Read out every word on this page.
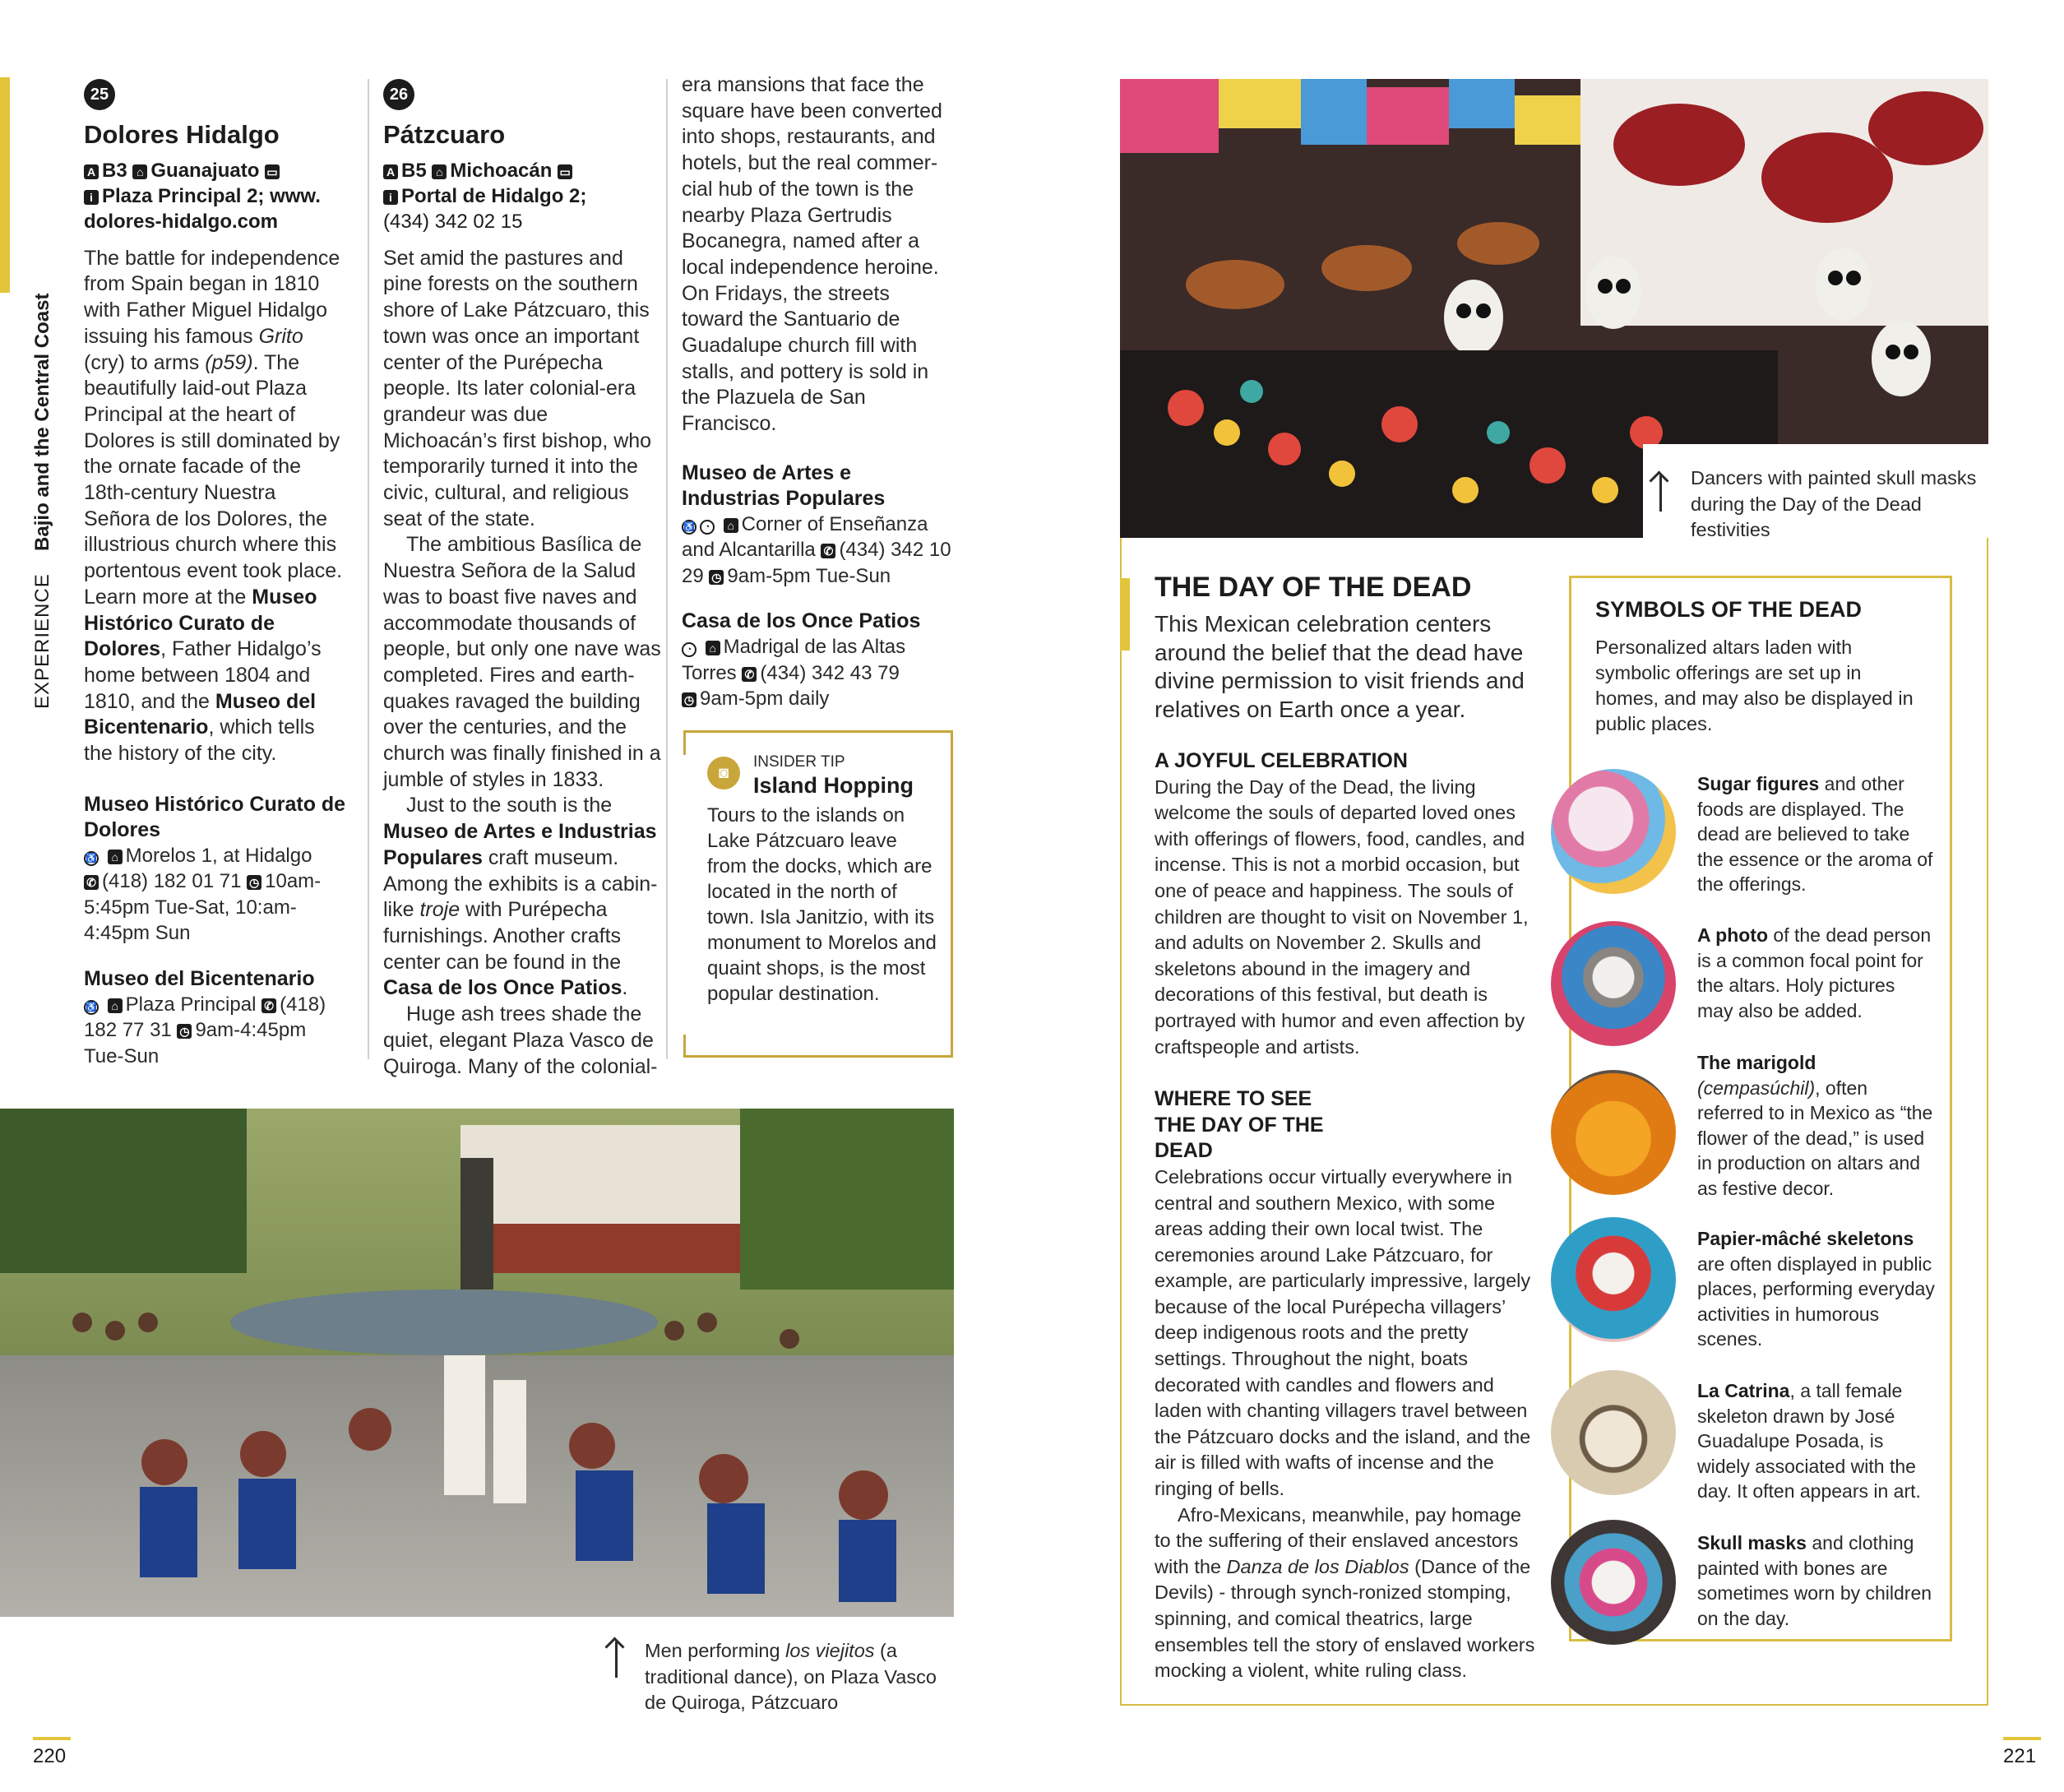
EXPERIENCE  Bajio and the Central Coast
25
Dolores Hidalgo
A B3 ⌂ Guanajuato ▭
i Plaza Principal 2; www.
dolores-hidalgo.com

The battle for independence from Spain began in 1810 with Father Miguel Hidalgo issuing his famous Grito (cry) to arms (p59). The beautifully laid-out Plaza Principal at the heart of Dolores is still dominated by the ornate facade of the 18th-century Nuestra Señora de los Dolores, the illustrious church where this portentous event took place. Learn more at the Museo Histórico Curato de Dolores, Father Hidalgo’s home between 1804 and 1810, and the Museo del Bicentenario, which tells the history of the city.

Museo Histórico Curato de Dolores
♿ ⌂ Morelos 1, at Hidalgo
✆ (418) 182 01 71 ◷ 10am-5:45pm Tue-Sat, 10:am-4:45pm Sun
Museo del Bicentenario
♿ ⌂ Plaza Principal ✆ (418) 182 77 31 ◷ 9am-4:45pm Tue-Sun
26
Pátzcuaro
A B5 ⌂ Michoacán ▭
i Portal de Hidalgo 2;
(434) 342 02 15

Set amid the pastures and pine forests on the southern shore of Lake Pátzcuaro, this town was once an important center of the Purépecha people. Its later colonial-era grandeur was due Michoacán’s first bishop, who temporarily turned it into the civic, cultural, and religious seat of the state.

The ambitious Basílica de Nuestra Señora de la Salud was to boast five naves and accommodate thousands of people, but only one nave was completed. Fires and earth-quakes ravaged the building over the centuries, and the church was finally finished in a jumble of styles in 1833.

Just to the south is the Museo de Artes e Industrias Populares craft museum. Among the exhibits is a cabin-like troje with Purépecha furnishings. Another crafts center can be found in the Casa de los Once Patios.

Huge ash trees shade the quiet, elegant Plaza Vasco de Quiroga. Many of the colonial-

era mansions that face the square have been converted into shops, restaurants, and hotels, but the real commer-cial hub of the town is the nearby Plaza Gertrudis Bocanegra, named after a local independence heroine. On Fridays, the streets toward the Santuario de Guadalupe church fill with stalls, and pottery is sold in the Plazuela de San Francisco.

Museo de Artes e Industrias Populares
♿ ◔ ⌂ Corner of Enseñanza and Alcantarilla ✆ (434) 342 10 29 ◷ 9am-5pm Tue-Sun
Casa de los Once Patios
◔ ⌂ Madrigal de las Altas Torres ✆ (434) 342 43 79
◷ 9am-5pm daily
◙
INSIDER TIP
Island Hopping
Tours to the islands on Lake Pátzcuaro leave from the docks, which are located in the north of town. Isla Janitzio, with its monument to Morelos and quaint shops, is the most popular destination.
Men performing los viejitos (a traditional dance), on Plaza Vasco de Quiroga, Pátzcuaro
Dancers with painted skull masks during the Day of the Dead festivities
THE DAY OF THE DEAD
This Mexican celebration centers around the belief that the dead have divine permission to visit friends and relatives on Earth once a year.
A JOYFUL CELEBRATION

During the Day of the Dead, the living welcome the souls of departed loved ones with offerings of flowers, food, candles, and incense. This is not a morbid occasion, but one of peace and happiness. The souls of children are thought to visit on November 1, and adults on November 2. Skulls and skeletons abound in the imagery and decorations of this festival, but death is portrayed with humor and even affection by craftspeople and artists.

WHERE TO SEE THE DAY OF THE DEAD

Celebrations occur virtually everywhere in central and southern Mexico, with some areas adding their own local twist. The ceremonies around Lake Pátzcuaro, for example, are particularly impressive, largely because of the local Purépecha villagers’ deep indigenous roots and the pretty settings. Throughout the night, boats decorated with candles and flowers and laden with chanting villagers travel between the Pátzcuaro docks and the island, and the air is filled with wafts of incense and the ringing of bells.

Afro-Mexicans, meanwhile, pay homage to the suffering of their enslaved ancestors with the Danza de los Diablos (Dance of the Devils) - through synch-ronized stomping, spinning, and comical theatrics, large ensembles tell the story of enslaved workers mocking a violent, white ruling class.

SYMBOLS OF THE DEAD
Personalized altars laden with symbolic offerings are set up in homes, and may also be displayed in public places.
Sugar figures and other foods are displayed. The dead are believed to take the essence or the aroma of the offerings.
A photo of the dead person is a common focal point for the altars. Holy pictures may also be added.
The marigold
(cempasúchil), often referred to in Mexico as “the flower of the dead,” is used in production on altars and as festive decor.
Papier-mâché skeletons are often displayed in public places, performing everyday activities in humorous scenes.
La Catrina, a tall female skeleton drawn by José Guadalupe Posada, is widely associated with the day. It often appears in art.
Skull masks and clothing painted with bones are sometimes worn by children on the day.
220	221
